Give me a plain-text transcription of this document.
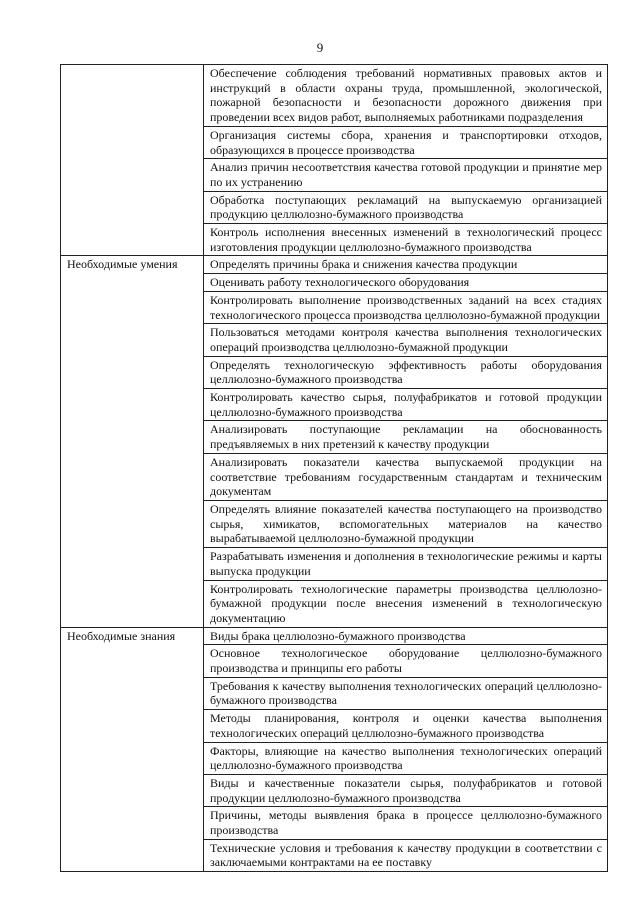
9
	Обеспечение соблюдения требований нормативных правовых актов и инструкций в области охраны труда, промышленной, экологической, пожарной безопасности и безопасности дорожного движения при проведении всех видов работ, выполняемых работниками подразделения
	Организация системы сбора, хранения и транспортировки отходов, образующихся в процессе производства
	Анализ причин несоответствия качества готовой продукции и принятие мер по их устранению
	Обработка поступающих рекламаций на выпускаемую организацией продукцию целлюлозно-бумажного производства
	Контроль исполнения внесенных изменений в технологический процесс изготовления продукции целлюлозно-бумажного производства
Необходимые умения	Определять причины брака и снижения качества продукции
	Оценивать работу технологического оборудования
	Контролировать выполнение производственных заданий на всех стадиях технологического процесса производства целлюлозно-бумажной продукции
	Пользоваться методами контроля качества выполнения технологических операций производства целлюлозно-бумажной продукции
	Определять технологическую эффективность работы оборудования целлюлозно-бумажного производства
	Контролировать качество сырья, полуфабрикатов и готовой продукции целлюлозно-бумажного производства
	Анализировать поступающие рекламации на обоснованность предъявляемых в них претензий к качеству продукции
	Анализировать показатели качества выпускаемой продукции на соответствие требованиям государственным стандартам и техническим документам
	Определять влияние показателей качества поступающего на производство сырья, химикатов, вспомогательных материалов на качество вырабатываемой целлюлозно-бумажной продукции
	Разрабатывать изменения и дополнения в технологические режимы и карты выпуска продукции
	Контролировать технологические параметры производства целлюлозно-бумажной продукции после внесения изменений в технологическую документацию
Необходимые знания	Виды брака целлюлозно-бумажного производства
	Основное технологическое оборудование целлюлозно-бумажного производства и принципы его работы
	Требования к качеству выполнения технологических операций целлюлозно-бумажного производства
	Методы планирования, контроля и оценки качества выполнения технологических операций целлюлозно-бумажного производства
	Факторы, влияющие на качество выполнения технологических операций целлюлозно-бумажного производства
	Виды и качественные показатели сырья, полуфабрикатов и готовой продукции целлюлозно-бумажного производства
	Причины, методы выявления брака в процессе целлюлозно-бумажного производства
	Технические условия и требования к качеству продукции в соответствии с заключаемыми контрактами на ее поставку
